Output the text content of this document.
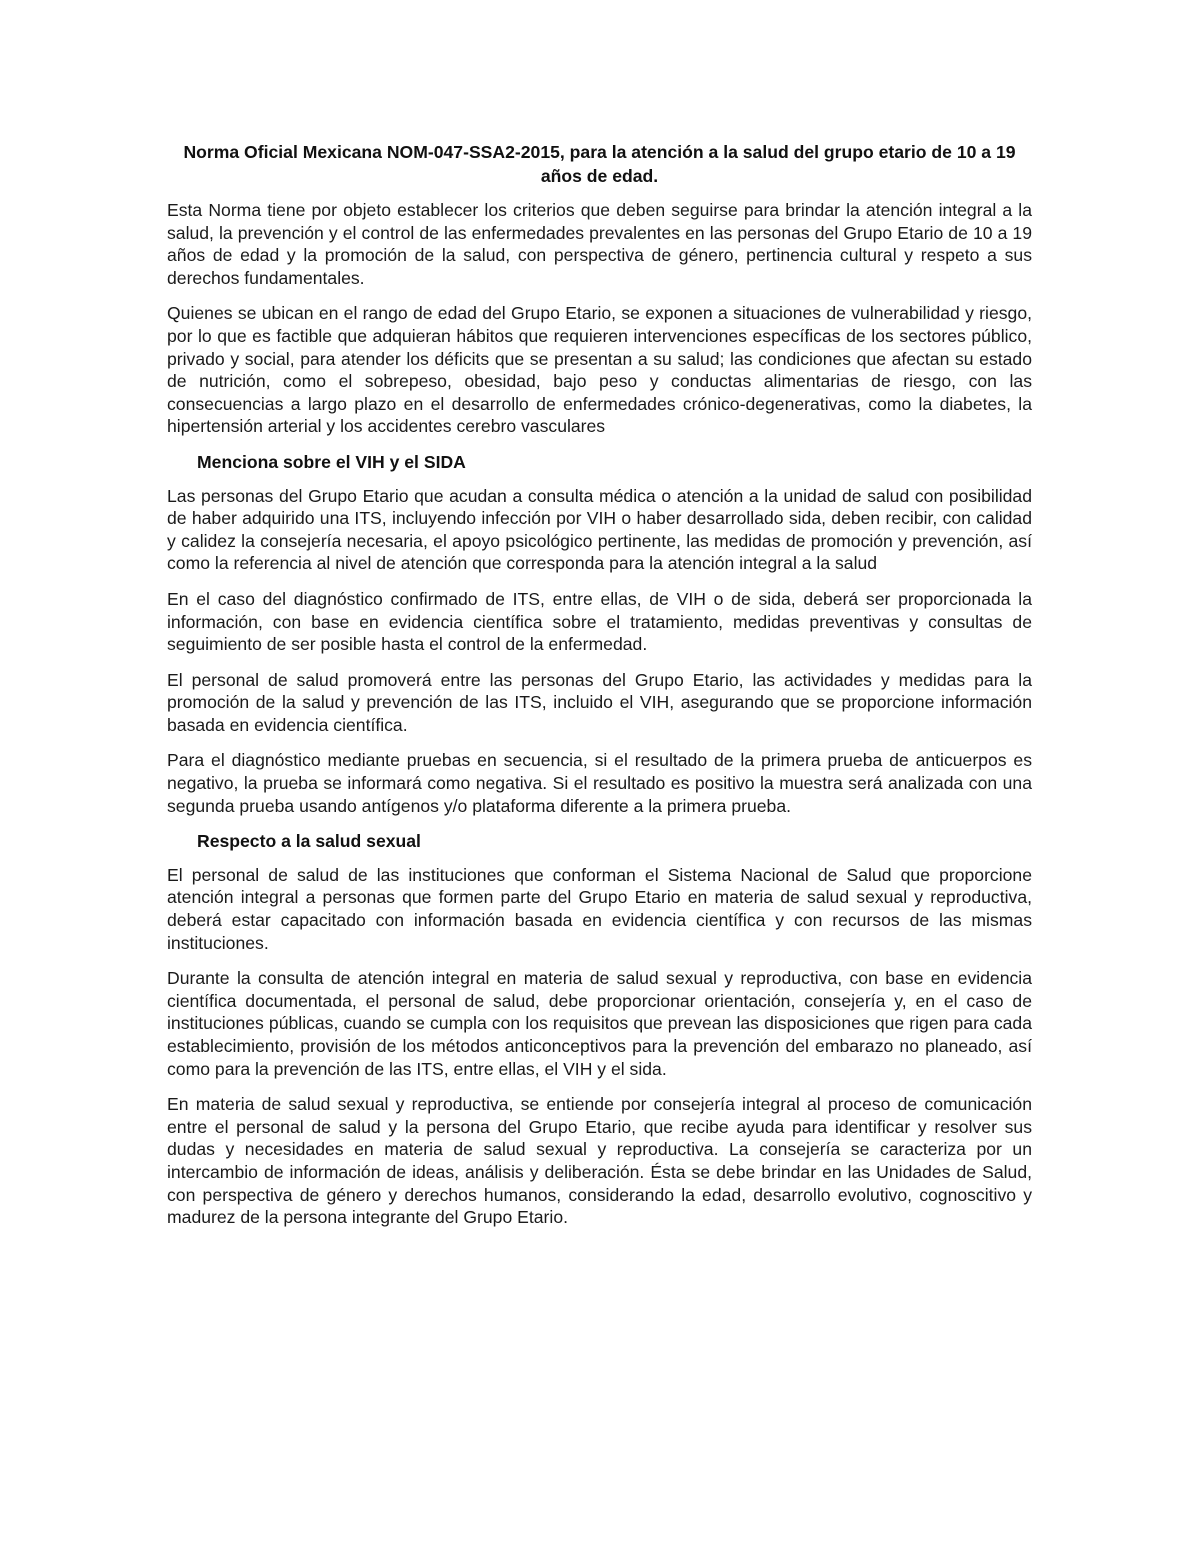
Norma Oficial Mexicana NOM-047-SSA2-2015, para la atención a la salud del grupo etario de 10 a 19 años de edad.

Esta Norma tiene por objeto establecer los criterios que deben seguirse para brindar la atención integral a la salud, la prevención y el control de las enfermedades prevalentes en las personas del Grupo Etario de 10 a 19 años de edad y la promoción de la salud, con perspectiva de género, pertinencia cultural y respeto a sus derechos fundamentales.

Quienes se ubican en el rango de edad del Grupo Etario, se exponen a situaciones de vulnerabilidad y riesgo, por lo que es factible que adquieran hábitos que requieren intervenciones específicas de los sectores público, privado y social, para atender los déficits que se presentan a su salud; las condiciones que afectan su estado de nutrición, como el sobrepeso, obesidad, bajo peso y conductas alimentarias de riesgo, con las consecuencias a largo plazo en el desarrollo de enfermedades crónico-degenerativas, como la diabetes, la hipertensión arterial y los accidentes cerebro vasculares

Menciona sobre el VIH y el SIDA

Las personas del Grupo Etario que acudan a consulta médica o atención a la unidad de salud con posibilidad de haber adquirido una ITS, incluyendo infección por VIH o haber desarrollado sida, deben recibir, con calidad y calidez la consejería necesaria, el apoyo psicológico pertinente, las medidas de promoción y prevención, así como la referencia al nivel de atención que corresponda para la atención integral a la salud

En el caso del diagnóstico confirmado de ITS, entre ellas, de VIH o de sida, deberá ser proporcionada la información, con base en evidencia científica sobre el tratamiento, medidas preventivas y consultas de seguimiento de ser posible hasta el control de la enfermedad.

El personal de salud promoverá entre las personas del Grupo Etario, las actividades y medidas para la promoción de la salud y prevención de las ITS, incluido el VIH, asegurando que se proporcione información basada en evidencia científica.

Para el diagnóstico mediante pruebas en secuencia, si el resultado de la primera prueba de anticuerpos es negativo, la prueba se informará como negativa. Si el resultado es positivo la muestra será analizada con una segunda prueba usando antígenos y/o plataforma diferente a la primera prueba.

Respecto a la salud sexual

El personal de salud de las instituciones que conforman el Sistema Nacional de Salud que proporcione atención integral a personas que formen parte del Grupo Etario en materia de salud sexual y reproductiva, deberá estar capacitado con información basada en evidencia científica y con recursos de las mismas instituciones.

Durante la consulta de atención integral en materia de salud sexual y reproductiva, con base en evidencia científica documentada, el personal de salud, debe proporcionar orientación, consejería y, en el caso de instituciones públicas, cuando se cumpla con los requisitos que prevean las disposiciones que rigen para cada establecimiento, provisión de los métodos anticonceptivos para la prevención del embarazo no planeado, así como para la prevención de las ITS, entre ellas, el VIH y el sida.

En materia de salud sexual y reproductiva, se entiende por consejería integral al proceso de comunicación entre el personal de salud y la persona del Grupo Etario, que recibe ayuda para identificar y resolver sus dudas y necesidades en materia de salud sexual y reproductiva. La consejería se caracteriza por un intercambio de información de ideas, análisis y deliberación. Ésta se debe brindar en las Unidades de Salud, con perspectiva de género y derechos humanos, considerando la edad, desarrollo evolutivo, cognoscitivo y madurez de la persona integrante del Grupo Etario.
